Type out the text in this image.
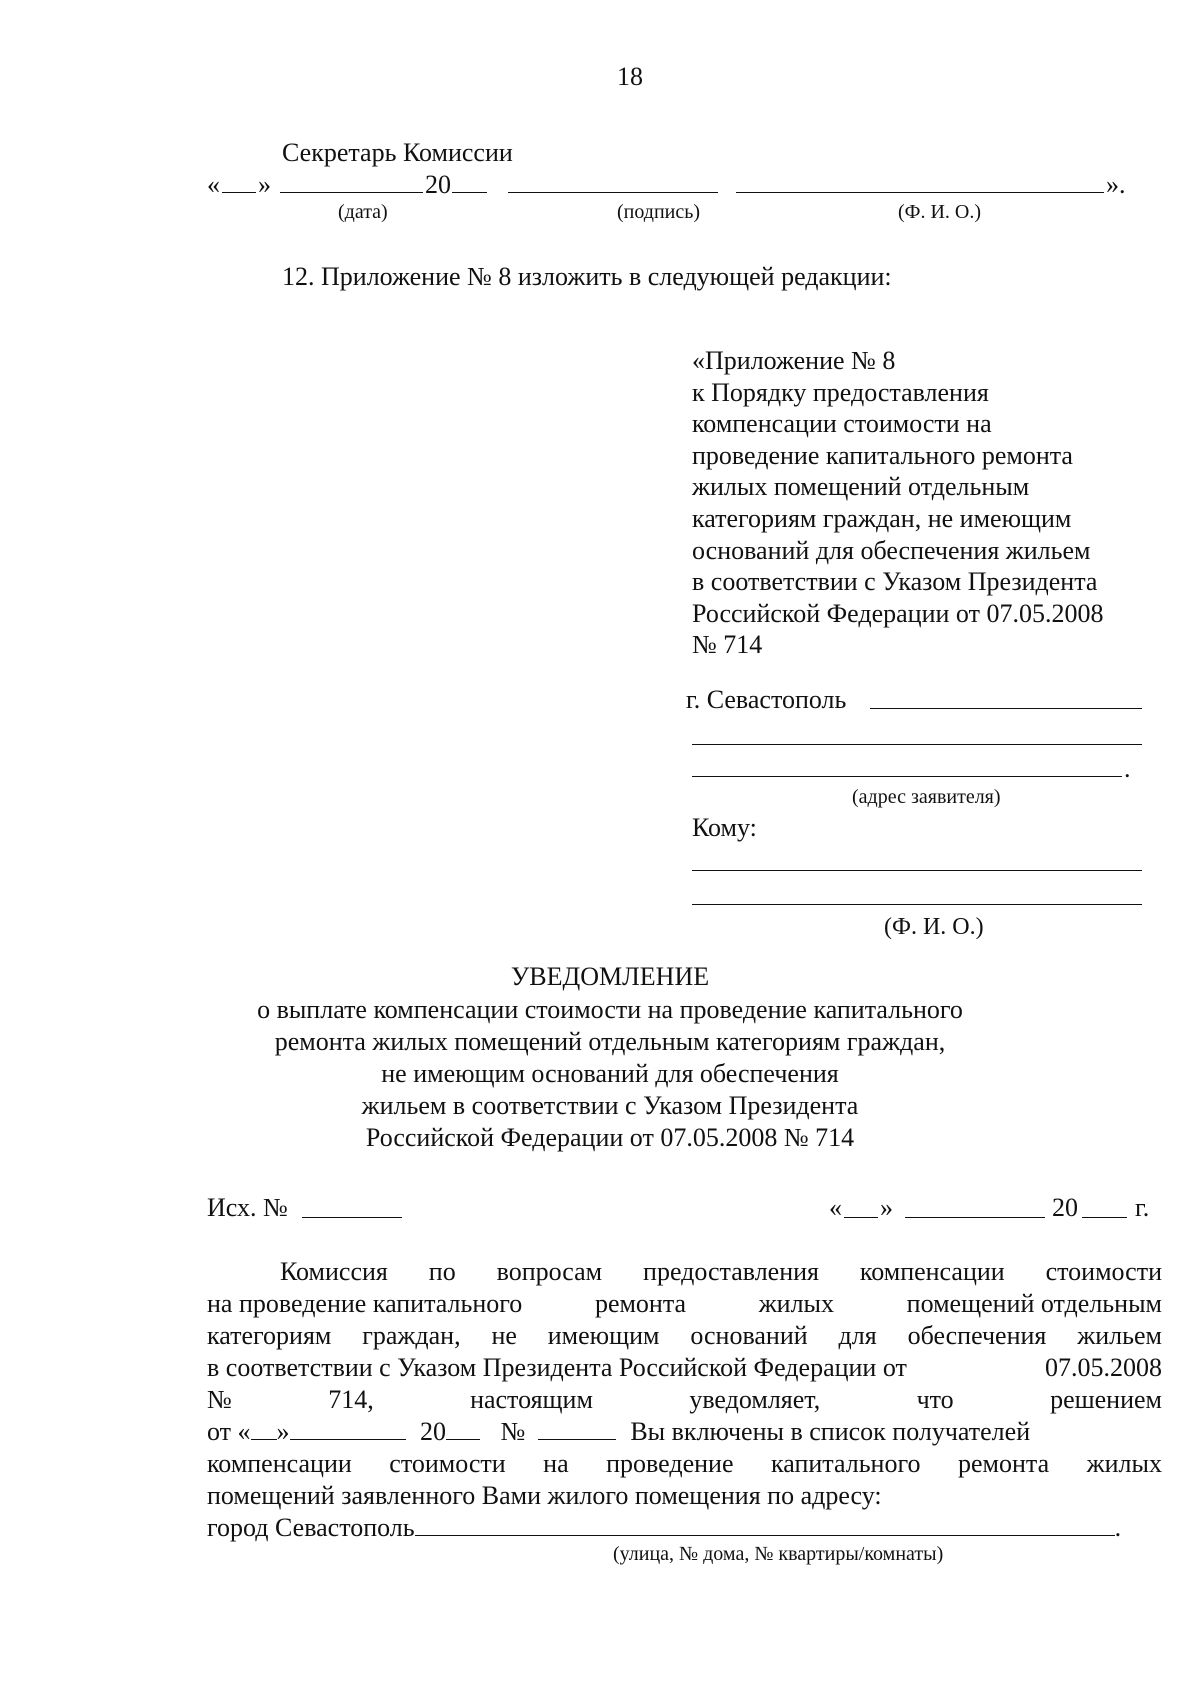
18
Секретарь Комиссии
« »	20	».
(дата)	(подпись)	(Ф. И. О.)
12. Приложение № 8 изложить в следующей редакции:
«Приложение № 8
к Порядку предоставления
компенсации стоимости на
проведение капитального ремонта
жилых помещений отдельным
категориям граждан, не имеющим
оснований для обеспечения жильем
в соответствии с Указом Президента
Российской Федерации от 07.05.2008
№ 714
г. Севастополь
.
(адрес заявителя)
Кому:
(Ф. И. О.)
УВЕДОМЛЕНИЕ
о выплате компенсации стоимости на проведение капитального
ремонта жилых помещений отдельным категориям граждан,
не имеющим оснований для обеспечения
жильем в соответствии с Указом Президента
Российской Федерации от 07.05.2008 № 714
Исх. №	« »	20 г.
Комиссия по вопросам предоставления компенсации стоимости
на проведение капитального	ремонта	жилых	помещений отдельным
категориям граждан, не имеющим оснований для обеспечения жильем
в соответствии с Указом Президента Российской Федерации от	07.05.2008
№	714,	настоящим	уведомляет,	что	решением
от « »	20 №	Вы включены в список получателей
компенсации стоимости на проведение капитального ремонта жилых
помещений заявленного Вами жилого помещения по адресу:
город Севастополь	.
(улица, № дома, № квартиры/комнаты)
